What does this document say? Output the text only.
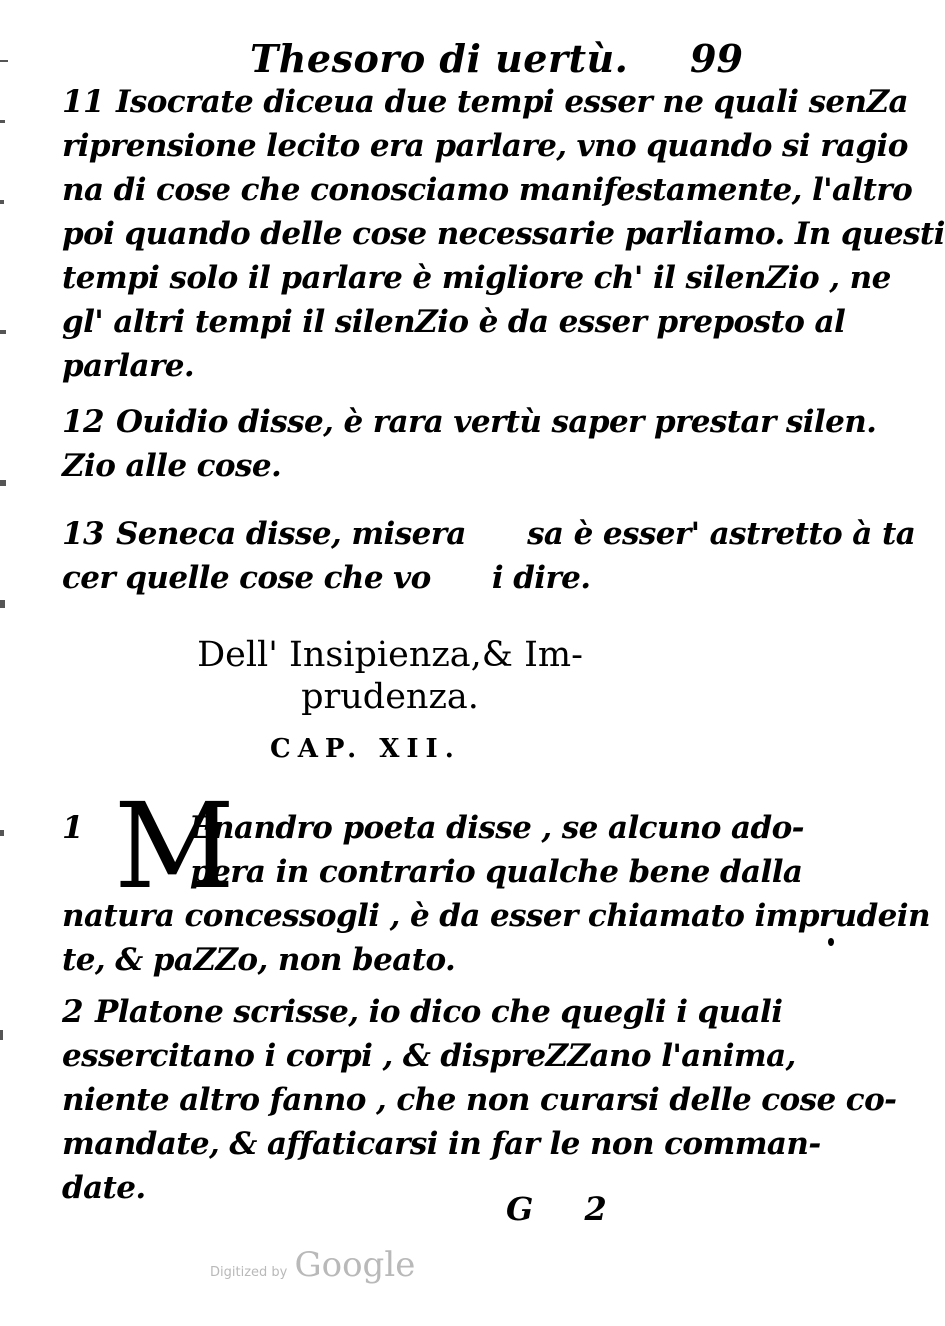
Thesoro di uertù. 99
11 Isocrate diceua due tempi esser ne quali senZa
riprensione lecito era parlare, vno quando si ragio
na di cose che conosciamo manifestamente, l'altro
poi quando delle cose necessarie parliamo. In questi
tempi solo il parlare è migliore ch' il silenZio , ne
gl' altri tempi il silenZio è da esser preposto al
parlare.
12 Ouidio disse, è rara vertù saper prestar silen.
Zio alle cose.
13 Seneca disse, misera      sa è esser' astretto à ta
cer quelle cose che vo      i dire.
Dell' Insipienza,& Im-
prudenza.
CAP. XII.
M
1	Enandro poeta disse , se alcuno ado-
pera in contrario qualche bene dalla
natura concessogli , è da esser chiamato imprudein
te, & paZZo, non beato.
2 Platone scrisse, io dico che quegli i quali
essercitano i corpi , & dispreZZano l'anima,
niente altro fanno , che non curarsi delle cose co-
mandate, & affaticarsi in far le non comman-
date.
G 2
Digitized by Google
